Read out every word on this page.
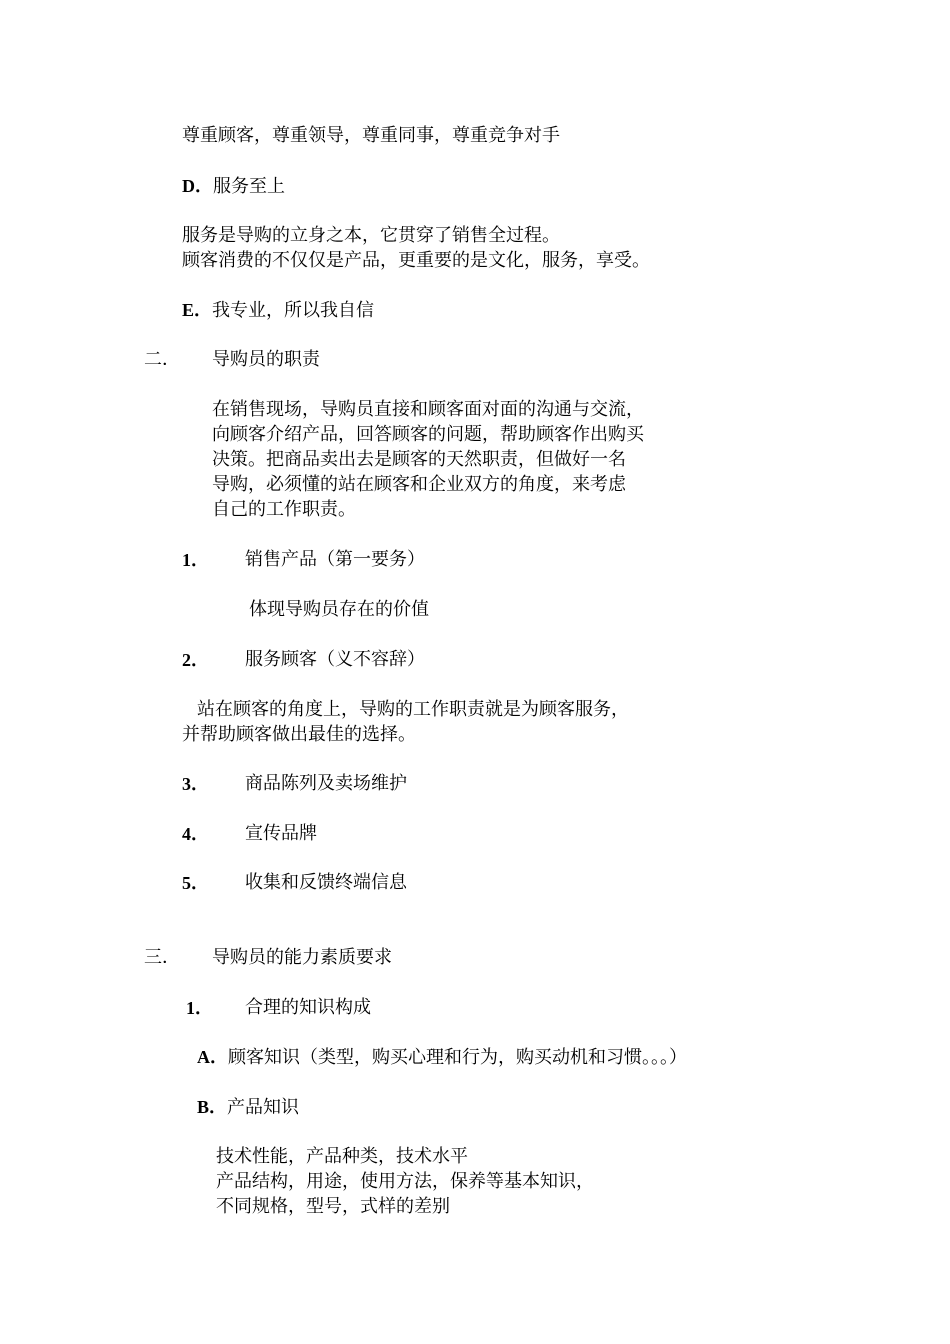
尊重顾客，尊重领导，尊重同事，尊重竞争对手
D．服务至上
服务是导购的立身之本，它贯穿了销售全过程。
顾客消费的不仅仅是产品，更重要的是文化，服务，享受。
E．我专业，所以我自信
二． 导购员的职责
在销售现场，导购员直接和顾客面对面的沟通与交流，
向顾客介绍产品，回答顾客的问题，帮助顾客作出购买
决策。把商品卖出去是顾客的天然职责，但做好一名
导购，必须懂的站在顾客和企业双方的角度，来考虑
自己的工作职责。
1． 销售产品（第一要务）
体现导购员存在的价值
2． 服务顾客（义不容辞）
站在顾客的角度上，导购的工作职责就是为顾客服务，
并帮助顾客做出最佳的选择。
3． 商品陈列及卖场维护
4． 宣传品牌
5． 收集和反馈终端信息
三． 导购员的能力素质要求
1． 合理的知识构成
A．顾客知识（类型，购买心理和行为，购买动机和习惯。。。）
B．产品知识
技术性能，产品种类，技术水平
产品结构，用途，使用方法，保养等基本知识，
不同规格，型号，式样的差别
